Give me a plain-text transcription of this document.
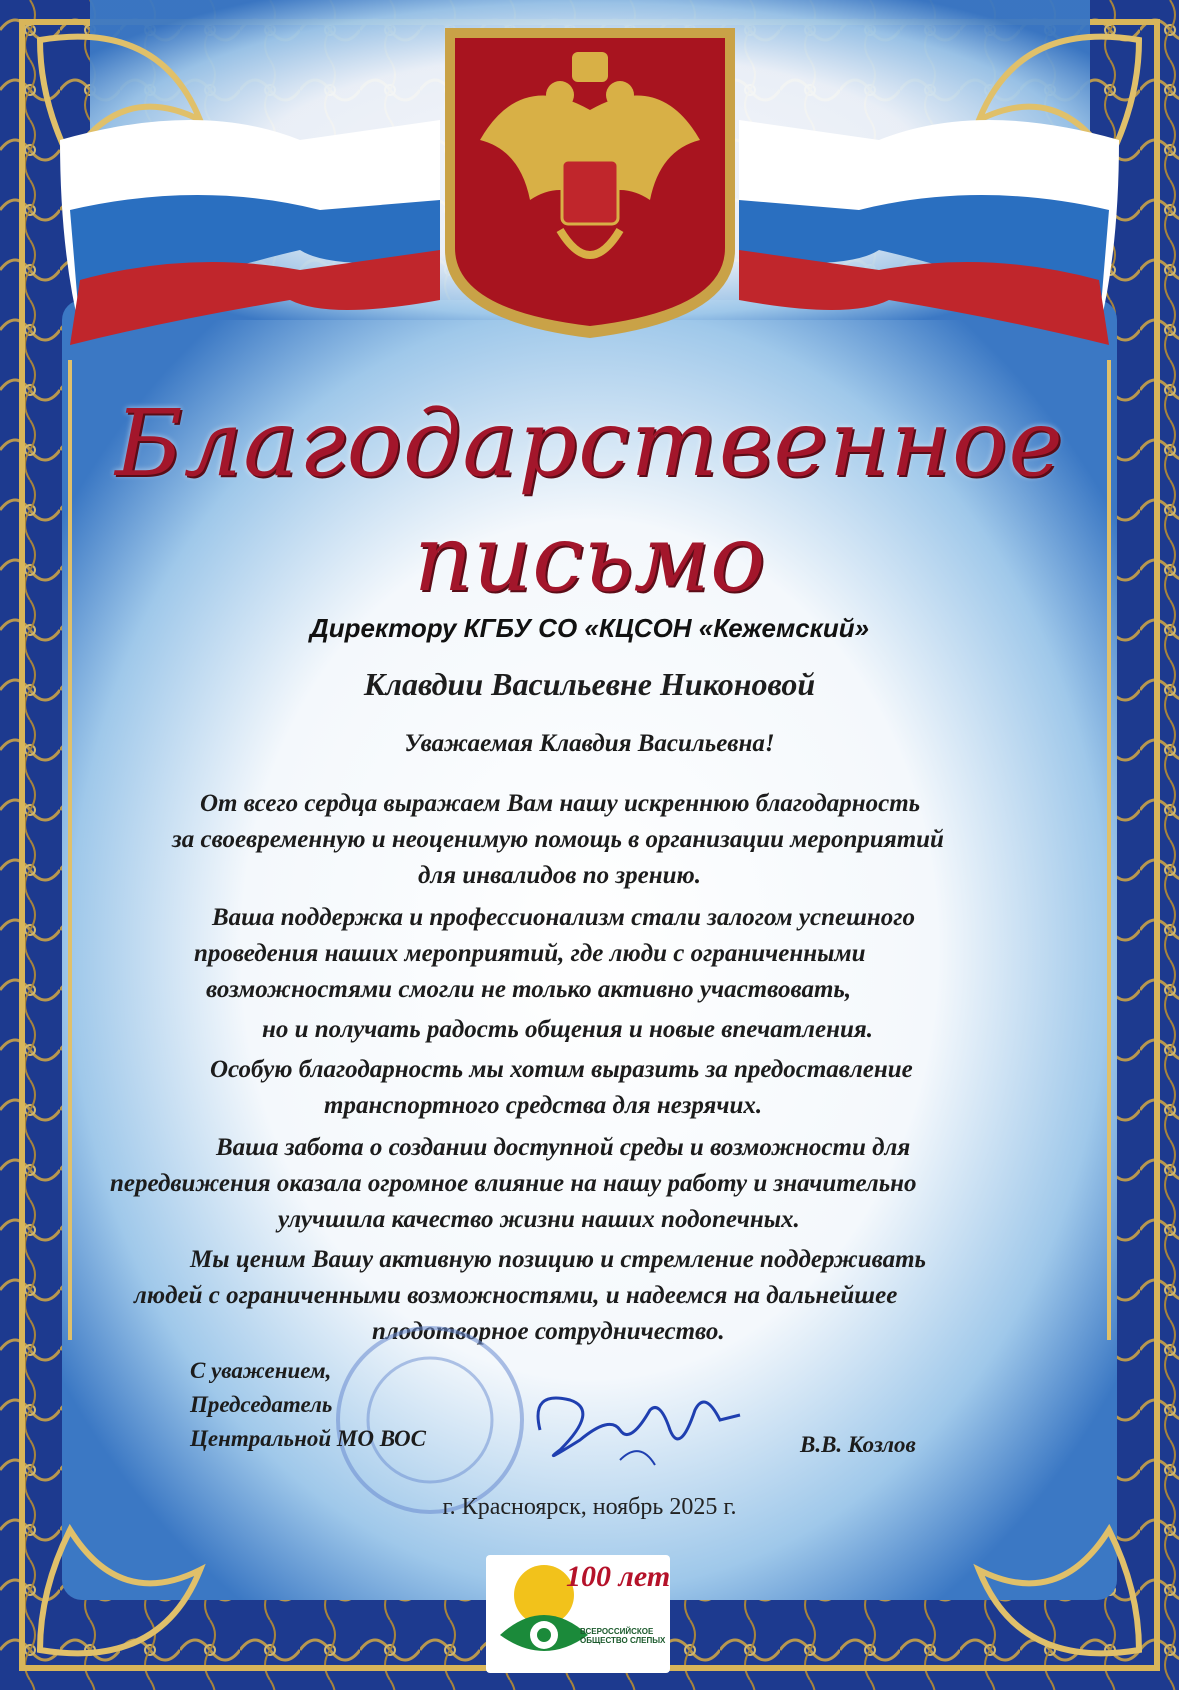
Благодарственное
письмо
Директору КГБУ СО «КЦСОН «Кежемский»
Клавдии Васильевне Никоновой
Уважаемая Клавдия Васильевна!
От всего сердца выражаем Вам нашу искреннюю благодарность
за своевременную и неоценимую помощь в организации мероприятий
для инвалидов по зрению.
Ваша поддержка и профессионализм стали залогом успешного
проведения наших мероприятий, где люди с ограниченными
возможностями смогли не только активно участвовать,
но и получать радость общения и новые впечатления.
Особую благодарность мы хотим выразить за предоставление
транспортного средства для незрячих.
Ваша забота о создании доступной среды и возможности для
передвижения оказала огромное влияние на нашу работу и значительно
улучшила качество жизни наших подопечных.
Мы ценим Вашу активную позицию и стремление поддерживать
людей с ограниченными возможностями, и надеемся на дальнейшее
плодотворное сотрудничество.
С уважением,
Председатель
Центральной МО ВОС	В.В. Козлов
г. Красноярск, ноябрь 2025 г.
ВСЕРОССИЙСКОЕ ОБЩЕСТВО СЛЕПЫХ
100 лет
